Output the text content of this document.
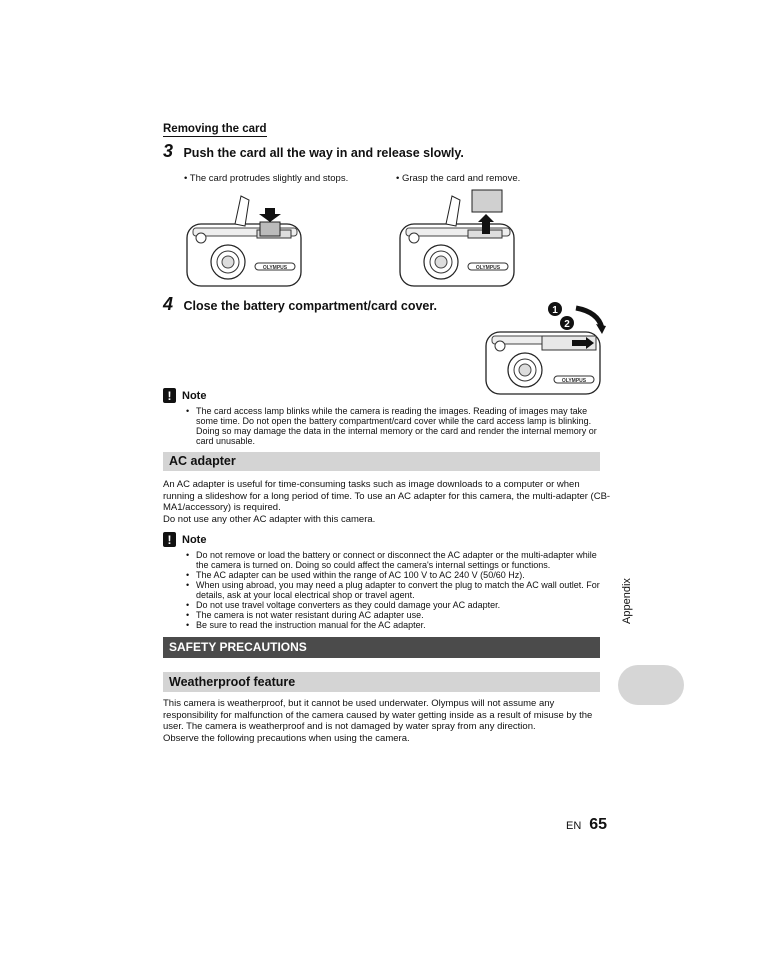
Removing the card
3 Push the card all the way in and release slowly.
• The card protrudes slightly and stops.	• Grasp the card and remove.
OLYMPUS	OLYMPUS
4 Close the battery compartment/card cover.	1
2
OLYMPUS
! Note
• The card access lamp blinks while the camera is reading the images. Reading of images may take some time. Do not open the battery compartment/card cover while the card access lamp is blinking. Doing so may damage the data in the internal memory or the card and render the internal memory or card unusable.
AC adapter
An AC adapter is useful for time-consuming tasks such as image downloads to a computer or when running a slideshow for a long period of time. To use an AC adapter for this camera, the multi-adapter (CB-MA1/accessory) is required.
Do not use any other AC adapter with this camera.
! Note
• Do not remove or load the battery or connect or disconnect the AC adapter or the multi-adapter while the camera is turned on. Doing so could affect the camera's internal settings or functions.
• The AC adapter can be used within the range of AC 100 V to AC 240 V (50/60 Hz).
• When using abroad, you may need a plug adapter to convert the plug to match the AC wall outlet. For details, ask at your local electrical shop or travel agent.
• Do not use travel voltage converters as they could damage your AC adapter.
• The camera is not water resistant during AC adapter use.
• Be sure to read the instruction manual for the AC adapter.
SAFETY PRECAUTIONS
Weatherproof feature
This camera is weatherproof, but it cannot be used underwater. Olympus will not assume any responsibility for malfunction of the camera caused by water getting inside as a result of misuse by the user. The camera is weatherproof and is not damaged by water spray from any direction.
Observe the following precautions when using the camera.
Appendix
EN 65
